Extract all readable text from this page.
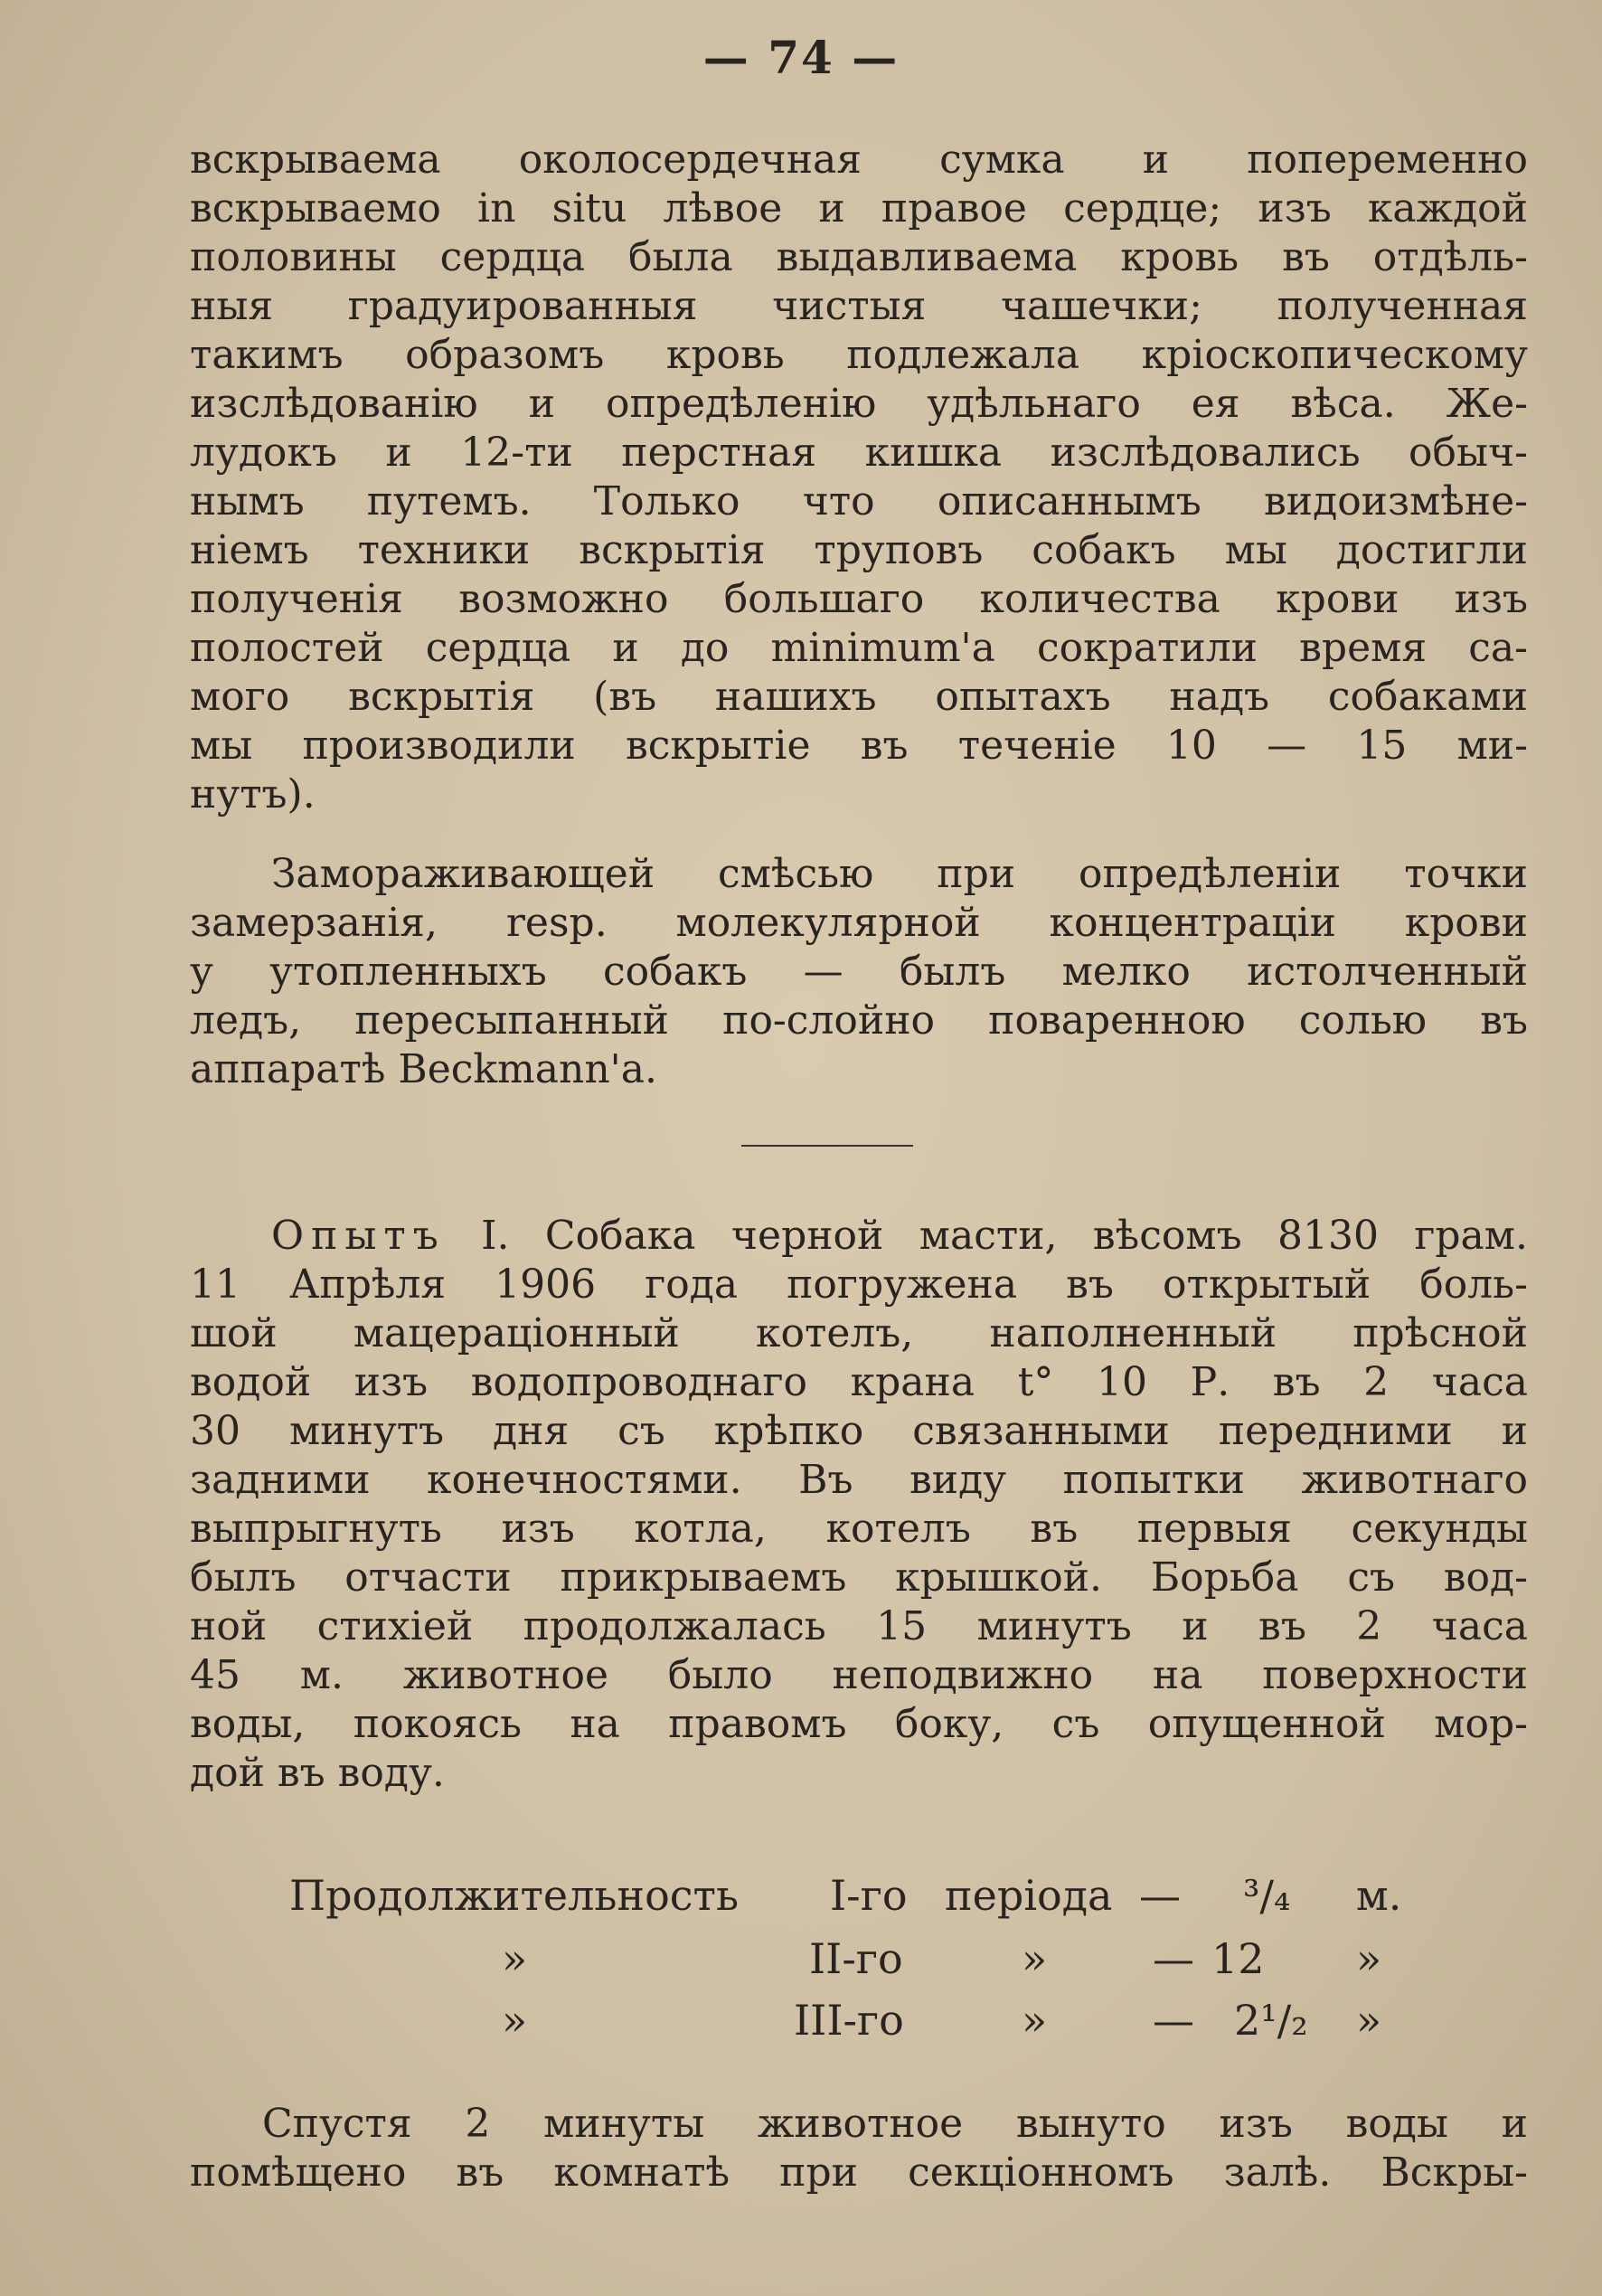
— 74 —
вскрываема околосердечная сумка и попеременно
вскрываемо in situ лѣвое и правое сердце; изъ каждой
половины сердца была выдавливаема кровь въ отдѣль-
ныя градуированныя чистыя чашечки; полученная
такимъ образомъ кровь подлежала кріоскопическому
изслѣдованію и опредѣленію удѣльнаго ея вѣса. Же-
лудокъ и 12-ти перстная кишка изслѣдовались обыч-
нымъ путемъ. Только что описаннымъ видоизмѣне-
ніемъ техники вскрытія труповъ собакъ мы достигли
полученія возможно большаго количества крови изъ
полостей сердца и до minimum'а сократили время са-
мого вскрытія (въ нашихъ опытахъ надъ собаками
мы производили вскрытіе въ теченіе 10 — 15 ми-
нутъ).
Замораживающей смѣсью при опредѣленіи точки
замерзанія, resp. молекулярной концентраціи крови
у утопленныхъ собакъ — былъ мелко истолченный
ледъ, пересыпанный по-слойно поваренною солью въ
аппаратѣ Beckmann'а.
Опытъ I. Собака черной масти, вѣсомъ 8130 грам.
11 Апрѣля 1906 года погружена въ открытый боль-
шой мацераціонный котелъ, наполненный прѣсной
водой изъ водопроводнаго крана t° 10 Р. въ 2 часа
30 минутъ дня съ крѣпко связанными передними и
задними конечностями. Въ виду попытки животнаго
выпрыгнуть изъ котла, котелъ въ первыя секунды
былъ отчасти прикрываемъ крышкой. Борьба съ вод-
ной стихіей продолжалась 15 минутъ и въ 2 часа
45 м. животное было неподвижно на поверхности
воды, покоясь на правомъ боку, съ опущенной мор-
дой въ воду.
Продолжительность I-го періода — ³/₄ м.
»	II-го	»	— 12 »
»	III-го	»	— 2¹/₂ »
Спустя 2 минуты животное вынуто изъ воды и
помѣщено въ комнатѣ при секціонномъ залѣ. Вскры-
